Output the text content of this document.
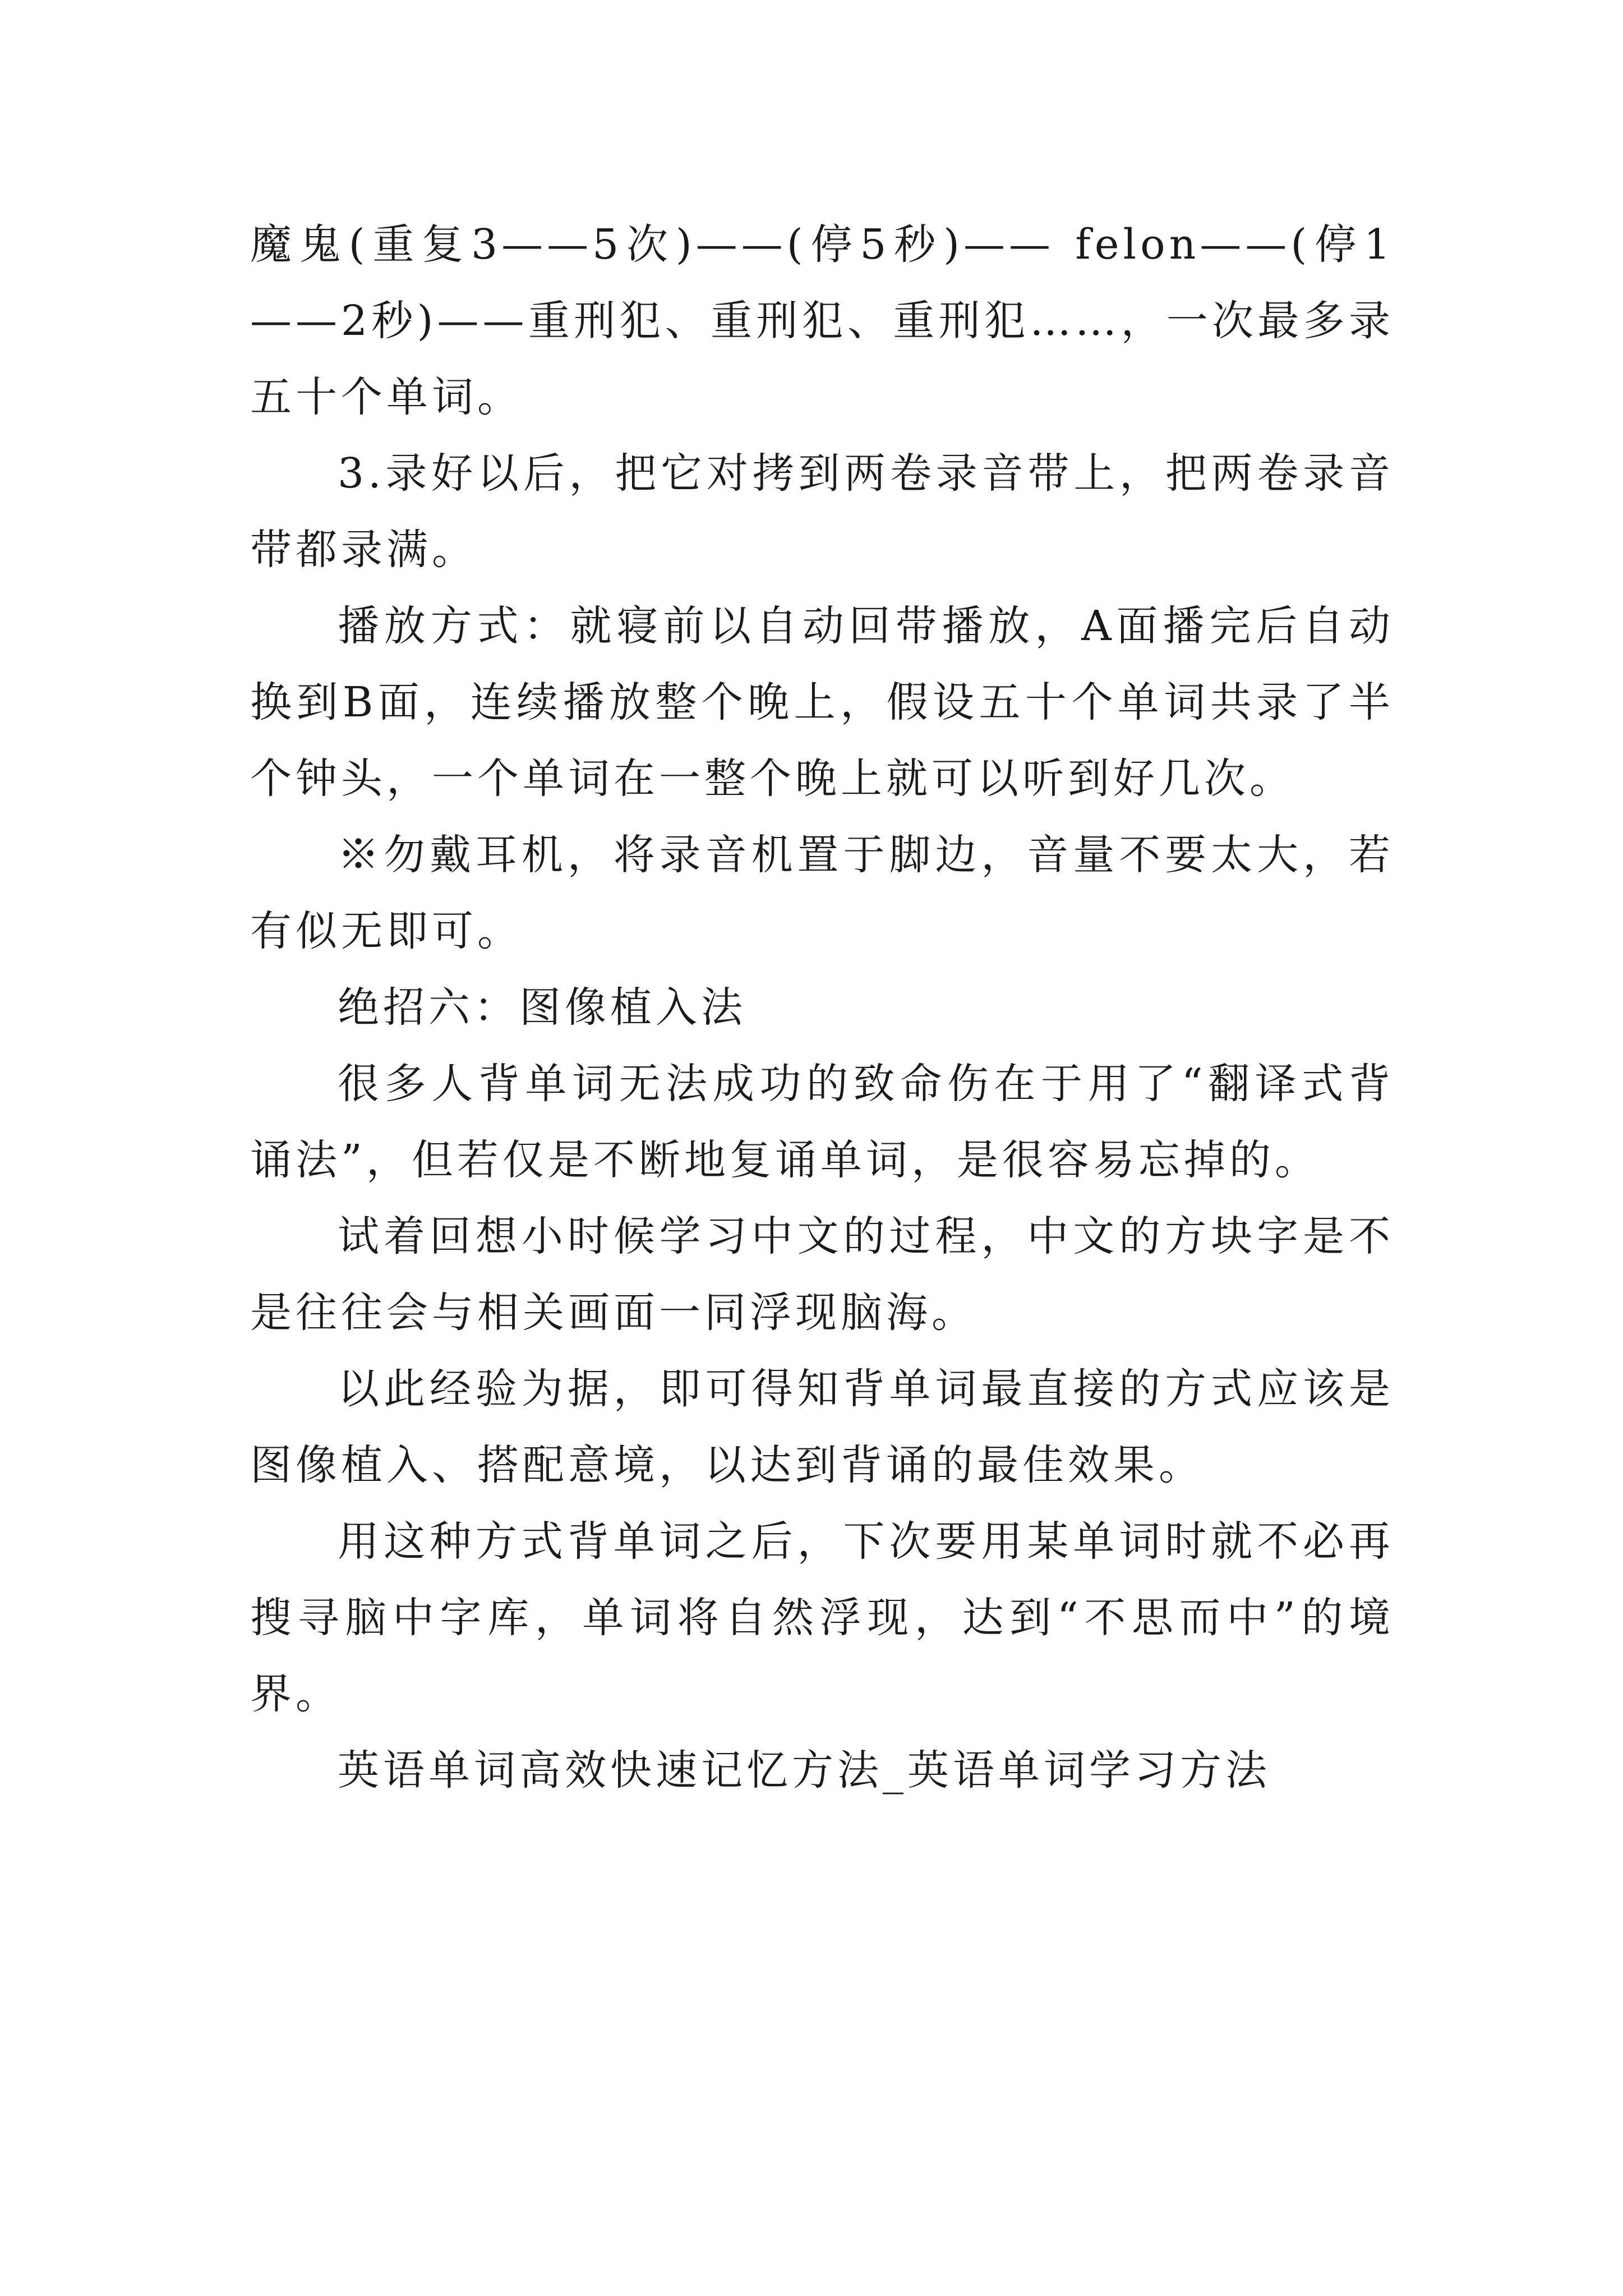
魔鬼(重复3——5次)——(停5秒)—— felon——(停1——2秒)——重刑犯、重刑犯、重刑犯……，一次最多录五十个单词。

3.录好以后，把它对拷到两卷录音带上，把两卷录音带都录满。

播放方式：就寝前以自动回带播放，A面播完后自动换到B面，连续播放整个晚上，假设五十个单词共录了半个钟头，一个单词在一整个晚上就可以听到好几次。

※勿戴耳机，将录音机置于脚边，音量不要太大，若有似无即可。

绝招六：图像植入法

很多人背单词无法成功的致命伤在于用了“翻译式背诵法”，但若仅是不断地复诵单词，是很容易忘掉的。

试着回想小时候学习中文的过程，中文的方块字是不是往往会与相关画面一同浮现脑海。

以此经验为据，即可得知背单词最直接的方式应该是图像植入、搭配意境，以达到背诵的最佳效果。

用这种方式背单词之后，下次要用某单词时就不必再搜寻脑中字库，单词将自然浮现，达到“不思而中”的境界。

英语单词高效快速记忆方法_英语单词学习方法
